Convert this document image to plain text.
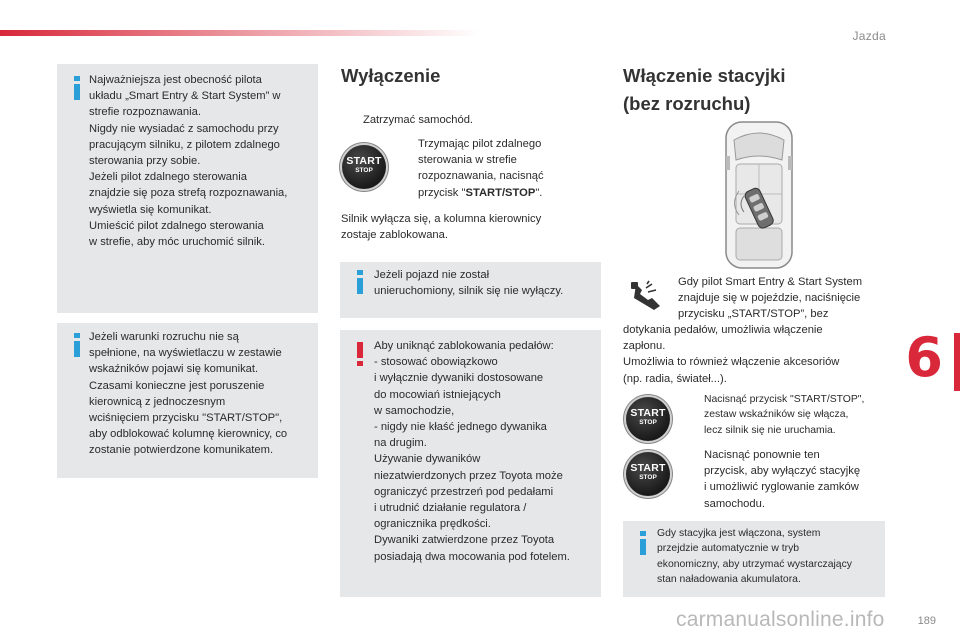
Jazda
Najważniejsza jest obecność pilota
układu „Smart Entry & Start System” w
strefie rozpoznawania.
Nigdy nie wysiadać z samochodu przy
pracującym silniku, z pilotem zdalnego
sterowania przy sobie.
Jeżeli pilot zdalnego sterowania
znajdzie się poza strefą rozpoznawania,
wyświetla się komunikat.
Umieścić pilot zdalnego sterowania
w strefie, aby móc uruchomić silnik.
Jeżeli warunki rozruchu nie są
spełnione, na wyświetlaczu w zestawie
wskaźników pojawi się komunikat.
Czasami konieczne jest poruszenie
kierownicą z jednoczesnym
wciśnięciem przycisku "START/STOP",
aby odblokować kolumnę kierownicy, co
zostanie potwierdzone komunikatem.
Wyłączenie
Zatrzymać samochód.
START
STOP
Trzymając pilot zdalnego
sterowania w strefie
rozpoznawania, nacisnąć
przycisk "START/STOP".
Silnik wyłącza się, a kolumna kierownicy
zostaje zablokowana.
Jeżeli pojazd nie został
unieruchomiony, silnik się nie wyłączy.
Aby uniknąć zablokowania pedałów:
- stosować obowiązkowo
i wyłącznie dywaniki dostosowane
do mocowiań istniejących
w samochodzie,
- nigdy nie kłaść jednego dywanika
na drugim.
Używanie dywaników
niezatwierdzonych przez Toyota może
ograniczyć przestrzeń pod pedałami
i utrudnić działanie regulatora /
ogranicznika prędkości.
Dywaniki zatwierdzone przez Toyota
posiadają dwa mocowania pod fotelem.
Włączenie stacyjki
(bez rozruchu)
Gdy pilot Smart Entry & Start System
znajduje się w pojeździe, naciśnięcie
przycisku „START/STOP”, bez
dotykania pedałów, umożliwia włączenie
zapłonu.
Umożliwia to również włączenie akcesoriów
(np. radia, świateł...).
START
STOP
Nacisnąć przycisk "START/STOP",
zestaw wskaźników się włącza,
lecz silnik się nie uruchamia.
START
STOP
Nacisnąć ponownie ten
przycisk, aby wyłączyć stacyjkę
i umożliwić ryglowanie zamków
samochodu.
Gdy stacyjka jest włączona, system
przejdzie automatycznie w tryb
ekonomiczny, aby utrzymać wystarczający
stan naładowania akumulatora.
6
carmanualsonline.info	189
